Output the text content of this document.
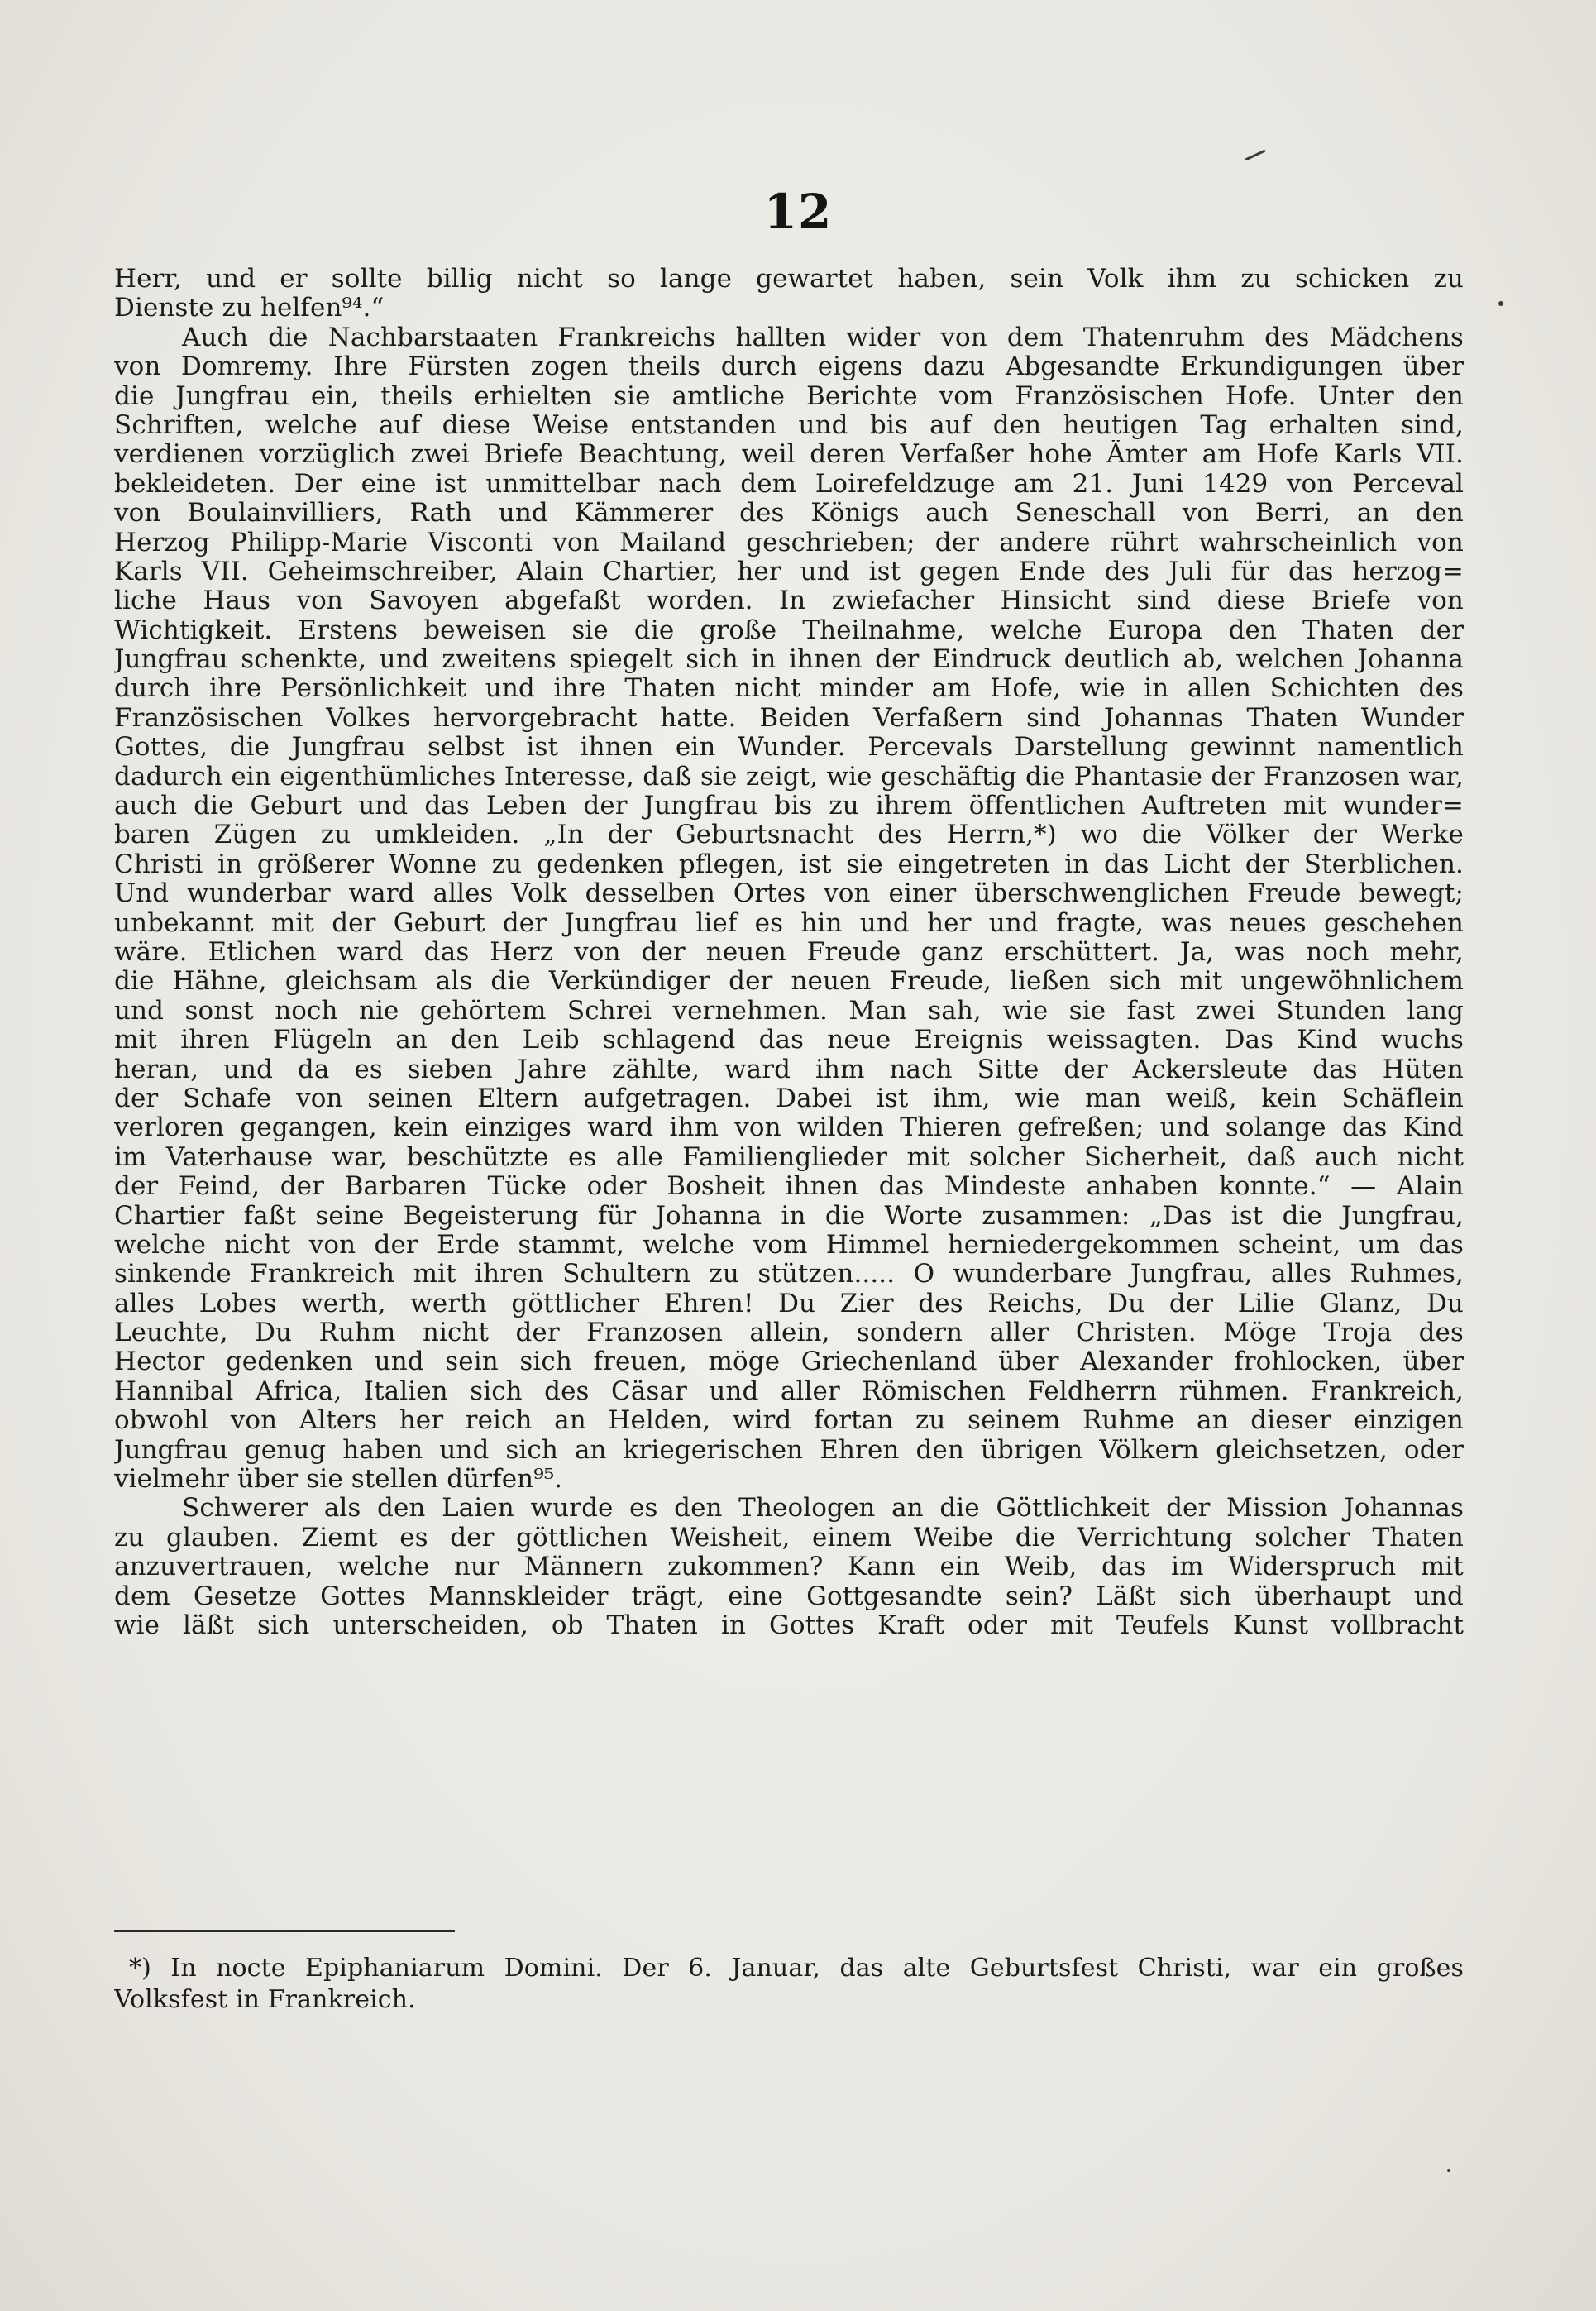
12
Herr, und er sollte billig nicht so lange gewartet haben, sein Volk ihm zu schicken zu
Dienste zu helfen⁹⁴.“
Auch die Nachbarstaaten Frankreichs hallten wider von dem Thatenruhm des Mädchens
von Domremy. Ihre Fürsten zogen theils durch eigens dazu Abgesandte Erkundigungen über
die Jungfrau ein, theils erhielten sie amtliche Berichte vom Französischen Hofe. Unter den
Schriften, welche auf diese Weise entstanden und bis auf den heutigen Tag erhalten sind,
verdienen vorzüglich zwei Briefe Beachtung, weil deren Verfaßer hohe Ämter am Hofe Karls VII.
bekleideten. Der eine ist unmittelbar nach dem Loirefeldzuge am 21. Juni 1429 von Perceval
von Boulainvilliers, Rath und Kämmerer des Königs auch Seneschall von Berri, an den
Herzog Philipp-Marie Visconti von Mailand geschrieben; der andere rührt wahrscheinlich von
Karls VII. Geheimschreiber, Alain Chartier, her und ist gegen Ende des Juli für das herzog=
liche Haus von Savoyen abgefaßt worden. In zwiefacher Hinsicht sind diese Briefe von
Wichtigkeit. Erstens beweisen sie die große Theilnahme, welche Europa den Thaten der
Jungfrau schenkte, und zweitens spiegelt sich in ihnen der Eindruck deutlich ab, welchen Johanna
durch ihre Persönlichkeit und ihre Thaten nicht minder am Hofe, wie in allen Schichten des
Französischen Volkes hervorgebracht hatte. Beiden Verfaßern sind Johannas Thaten Wunder
Gottes, die Jungfrau selbst ist ihnen ein Wunder. Percevals Darstellung gewinnt namentlich
dadurch ein eigenthümliches Interesse, daß sie zeigt, wie geschäftig die Phantasie der Franzosen war,
auch die Geburt und das Leben der Jungfrau bis zu ihrem öffentlichen Auftreten mit wunder=
baren Zügen zu umkleiden. „In der Geburtsnacht des Herrn,*) wo die Völker der Werke
Christi in größerer Wonne zu gedenken pflegen, ist sie eingetreten in das Licht der Sterblichen.
Und wunderbar ward alles Volk desselben Ortes von einer überschwenglichen Freude bewegt;
unbekannt mit der Geburt der Jungfrau lief es hin und her und fragte, was neues geschehen
wäre. Etlichen ward das Herz von der neuen Freude ganz erschüttert. Ja, was noch mehr,
die Hähne, gleichsam als die Verkündiger der neuen Freude, ließen sich mit ungewöhnlichem
und sonst noch nie gehörtem Schrei vernehmen. Man sah, wie sie fast zwei Stunden lang
mit ihren Flügeln an den Leib schlagend das neue Ereignis weissagten. Das Kind wuchs
heran, und da es sieben Jahre zählte, ward ihm nach Sitte der Ackersleute das Hüten
der Schafe von seinen Eltern aufgetragen. Dabei ist ihm, wie man weiß, kein Schäflein
verloren gegangen, kein einziges ward ihm von wilden Thieren gefreßen; und solange das Kind
im Vaterhause war, beschützte es alle Familienglieder mit solcher Sicherheit, daß auch nicht
der Feind, der Barbaren Tücke oder Bosheit ihnen das Mindeste anhaben konnte.“ — Alain
Chartier faßt seine Begeisterung für Johanna in die Worte zusammen: „Das ist die Jungfrau,
welche nicht von der Erde stammt, welche vom Himmel herniedergekommen scheint, um das
sinkende Frankreich mit ihren Schultern zu stützen..... O wunderbare Jungfrau, alles Ruhmes,
alles Lobes werth, werth göttlicher Ehren! Du Zier des Reichs, Du der Lilie Glanz, Du
Leuchte, Du Ruhm nicht der Franzosen allein, sondern aller Christen. Möge Troja des
Hector gedenken und sein sich freuen, möge Griechenland über Alexander frohlocken, über
Hannibal Africa, Italien sich des Cäsar und aller Römischen Feldherrn rühmen. Frankreich,
obwohl von Alters her reich an Helden, wird fortan zu seinem Ruhme an dieser einzigen
Jungfrau genug haben und sich an kriegerischen Ehren den übrigen Völkern gleichsetzen, oder
vielmehr über sie stellen dürfen⁹⁵.
Schwerer als den Laien wurde es den Theologen an die Göttlichkeit der Mission Johannas
zu glauben. Ziemt es der göttlichen Weisheit, einem Weibe die Verrichtung solcher Thaten
anzuvertrauen, welche nur Männern zukommen? Kann ein Weib, das im Widerspruch mit
dem Gesetze Gottes Mannskleider trägt, eine Gottgesandte sein? Läßt sich überhaupt und
wie läßt sich unterscheiden, ob Thaten in Gottes Kraft oder mit Teufels Kunst vollbracht
*) In nocte Epiphaniarum Domini. Der 6. Januar, das alte Geburtsfest Christi, war ein großes
Volksfest in Frankreich.
